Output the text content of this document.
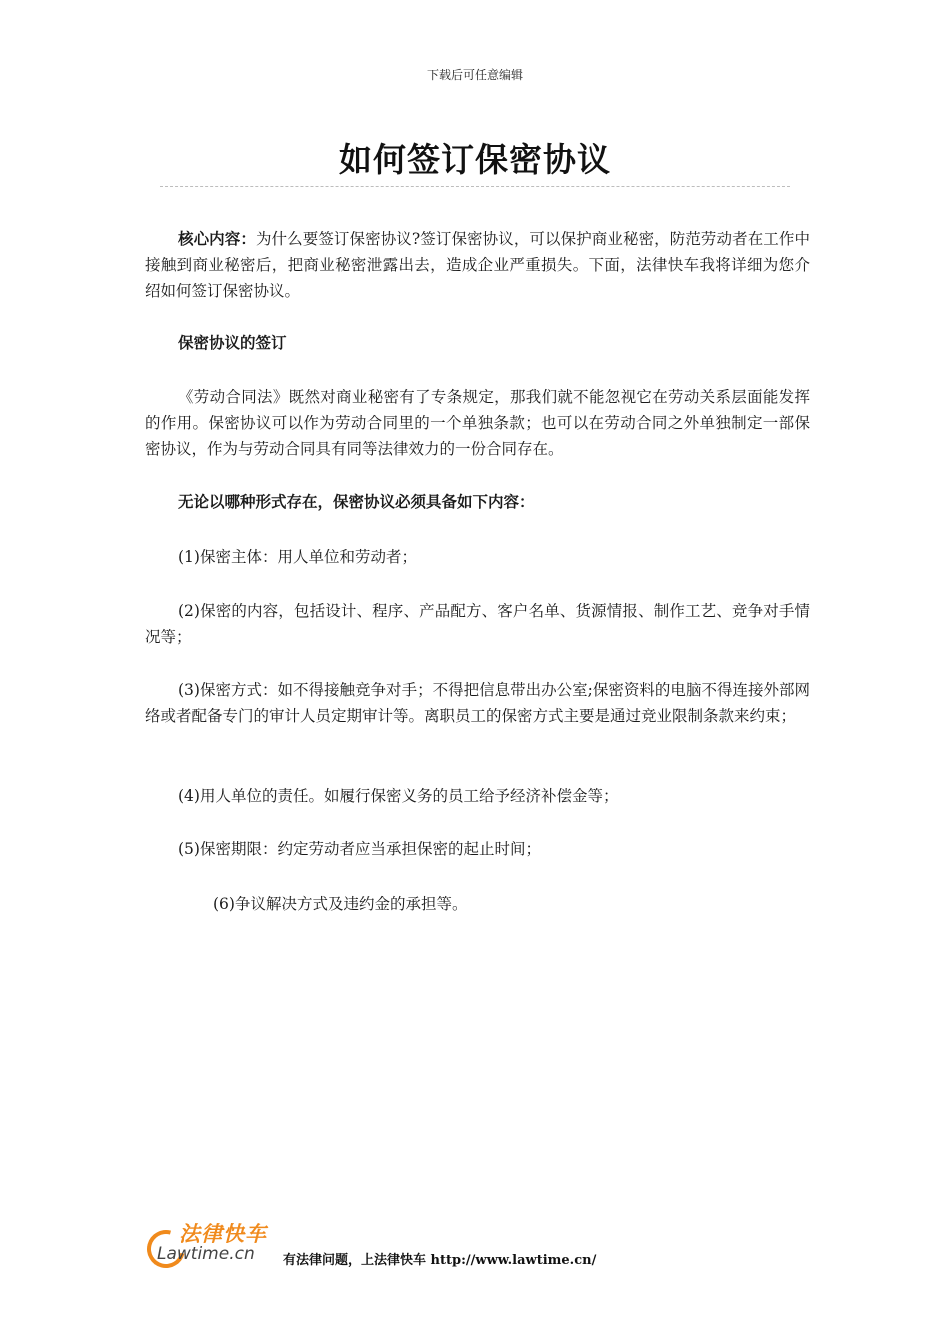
下载后可任意编辑
如何签订保密协议

核心内容：为什么要签订保密协议?签订保密协议，可以保护商业秘密，防范劳动者在工作中接触到商业秘密后，把商业秘密泄露出去，造成企业严重损失。下面，法律快车我将详细为您介绍如何签订保密协议。

保密协议的签订

《劳动合同法》既然对商业秘密有了专条规定，那我们就不能忽视它在劳动关系层面能发挥的作用。保密协议可以作为劳动合同里的一个单独条款；也可以在劳动合同之外单独制定一部保密协议，作为与劳动合同具有同等法律效力的一份合同存在。

无论以哪种形式存在，保密协议必须具备如下内容：

(1)保密主体：用人单位和劳动者；

(2)保密的内容，包括设计、程序、产品配方、客户名单、货源情报、制作工艺、竞争对手情况等；

(3)保密方式：如不得接触竞争对手；不得把信息带出办公室;保密资料的电脑不得连接外部网络或者配备专门的审计人员定期审计等。离职员工的保密方式主要是通过竞业限制条款来约束；

(4)用人单位的责任。如履行保密义务的员工给予经济补偿金等；

(5)保密期限：约定劳动者应当承担保密的起止时间；

(6)争议解决方式及违约金的承担等。

法律快车
Lawtime.cn 有法律问题，上法律快车 http://www.lawtime.cn/
